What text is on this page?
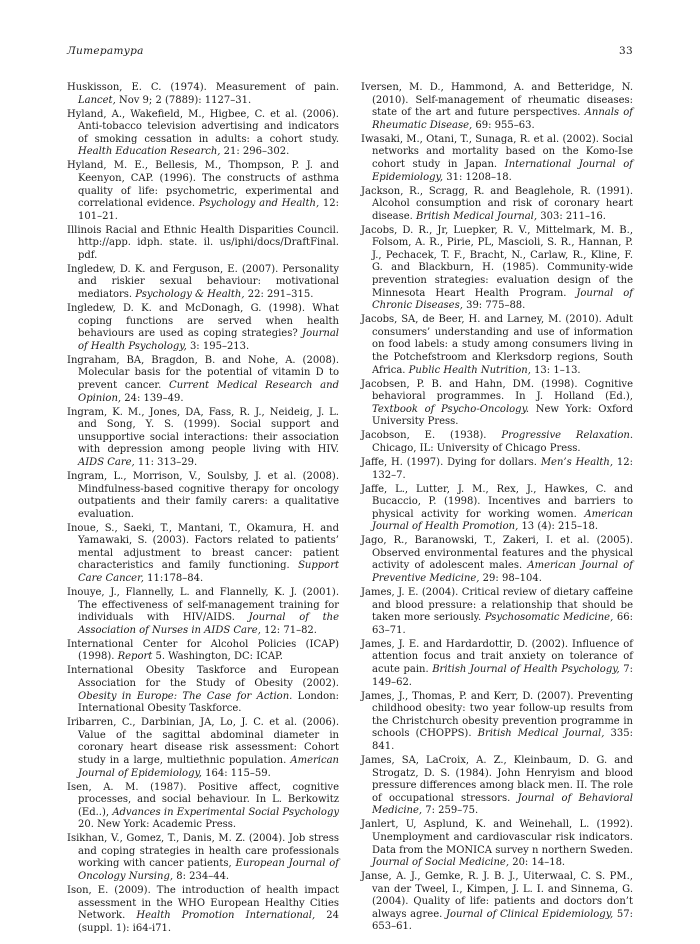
Литература	33

Huskisson, E. C. (1974). Measurement of pain. Lancet, Nov 9; 2 (7889): 1127–31.

Hyland, A., Wakefield, M., Higbee, C. et al. (2006). Anti-tobacco television advertising and indicators of smoking cessation in adults: a cohort study. Health Education Research, 21: 296–302.

Hyland, M. E., Bellesis, M., Thompson, P. J. and Keenyon, CAP. (1996). The constructs of asthma quality of life: psychometric, experimental and correlational evidence. Psychology and Health, 12: 101–21.

Illinois Racial and Ethnic Health Disparities Council. http://app. idph. state. il. us/iphi/docs/DraftFinal. pdf.

Ingledew, D. K. and Ferguson, E. (2007). Personality and riskier sexual behaviour: motivational mediators. Psychology & Health, 22: 291–315.

Ingledew, D. K. and McDonagh, G. (1998). What coping functions are served when health behaviours are used as coping strategies? Journal of Health Psychology, 3: 195–213.

Ingraham, BA, Bragdon, B. and Nohe, A. (2008). Molecular basis for the potential of vitamin D to prevent cancer. Current Medical Research and Opinion, 24: 139–49.

Ingram, K. M., Jones, DA, Fass, R. J., Neideig, J. L. and Song, Y. S. (1999). Social support and unsupportive social interactions: their association with depression among people living with HIV. AIDS Care, 11: 313–29.

Ingram, L., Morrison, V., Soulsby, J. et al. (2008). Mindfulness-based cognitive therapy for oncology outpatients and their family carers: a qualitative evaluation.

Inoue, S., Saeki, T., Mantani, T., Okamura, H. and Yamawaki, S. (2003). Factors related to patients’ mental adjustment to breast cancer: patient characteristics and family functioning. Support Care Cancer, 11:178–84.

Inouye, J., Flannelly, L. and Flannelly, K. J. (2001). The effectiveness of self-management training for individuals with HIV/AIDS. Journal of the Association of Nurses in AIDS Care, 12: 71–82.

International Center for Alcohol Policies (ICAP) (1998). Report 5. Washington, DC: ICAP.

International Obesity Taskforce and European Association for the Study of Obesity (2002). Obesity in Europe: The Case for Action. London: International Obesity Taskforce.

Iribarren, C., Darbinian, JA, Lo, J. C. et al. (2006). Value of the sagittal abdominal diameter in coronary heart disease risk assessment: Cohort study in a large, multiethnic population. American Journal of Epidemiology, 164: 115–59.

Isen, A. M. (1987). Positive affect, cognitive processes, and social behaviour. In L. Berkowitz (Ed..), Advances in Experimental Social Psychology 20. New York: Academic Press.

Isikhan, V., Gomez, T., Danis, M. Z. (2004). Job stress and coping strategies in health care professionals working with cancer patients, European Journal of Oncology Nursing, 8: 234–44.

Ison, E. (2009). The introduction of health impact assessment in the WHO European Healthy Cities Network. Health Promotion International, 24 (suppl. 1): i64-i71.

Iversen, M. D., Hammond, A. and Betteridge, N. (2010). Self-management of rheumatic diseases: state of the art and future perspectives. Annals of Rheumatic Disease, 69: 955–63.

Iwasaki, M., Otani, T., Sunaga, R. et al. (2002). Social networks and mortality based on the Komo-Ise cohort study in Japan. International Journal of Epidemiology, 31: 1208–18.

Jackson, R., Scragg, R. and Beaglehole, R. (1991). Alcohol consumption and risk of coronary heart disease. British Medical Journal, 303: 211–16.

Jacobs, D. R., Jr, Luepker, R. V., Mittelmark, M. B., Folsom, A. R., Pirie, PL, Mascioli, S. R., Hannan, P. J., Pechacek, T. F., Bracht, N., Carlaw, R., Kline, F. G. and Blackburn, H. (1985). Community-wide prevention strategies: evaluation design of the Minnesota Heart Health Program. Journal of Chronic Diseases, 39: 775–88.

Jacobs, SA, de Beer, H. and Larney, M. (2010). Adult consumers’ understanding and use of information on food labels: a study among consumers living in the Potchefstroom and Klerksdorp regions, South Africa. Public Health Nutrition, 13: 1–13.

Jacobsen, P. B. and Hahn, DM. (1998). Cognitive behavioral programmes. In J. Holland (Ed.), Textbook of Psycho-Oncology. New York: Oxford University Press.

Jacobson, E. (1938). Progressive Relaxation. Chicago, IL: University of Chicago Press.

Jaffe, H. (1997). Dying for dollars. Men’s Health, 12: 132–7.

Jaffe, L., Lutter, J. M., Rex, J., Hawkes, C. and Bucaccio, P. (1998). Incentives and barriers to physical activity for working women. American Journal of Health Promotion, 13 (4): 215–18.

Jago, R., Baranowski, T., Zakeri, I. et al. (2005). Observed environmental features and the physical activity of adolescent males. American Journal of Preventive Medicine, 29: 98–104.

James, J. E. (2004). Critical review of dietary caffeine and blood pressure: a relationship that should be taken more seriously. Psychosomatic Medicine, 66: 63–71.

James, J. E. and Hardardottir, D. (2002). Influence of attention focus and trait anxiety on tolerance of acute pain. British Journal of Health Psychology, 7: 149–62.

James, J., Thomas, P. and Kerr, D. (2007). Preventing childhood obesity: two year follow-up results from the Christchurch obesity prevention programme in schools (CHOPPS). British Medical Journal, 335: 841.

James, SA, LaCroix, A. Z., Kleinbaum, D. G. and Strogatz, D. S. (1984). John Henryism and blood pressure differences among black men. II. The role of occupational stressors. Journal of Behavioral Medicine, 7: 259–75.

Janlert, U, Asplund, K. and Weinehall, L. (1992). Unemployment and cardiovascular risk indicators. Data from the MONICA survey n northern Sweden. Journal of Social Medicine, 20: 14–18.

Janse, A. J., Gemke, R. J. B. J., Uiterwaal, C. S. PM., van der Tweel, I., Kimpen, J. L. I. and Sinnema, G. (2004). Quality of life: patients and doctors don’t always agree. Journal of Clinical Epidemiology, 57: 653–61.
